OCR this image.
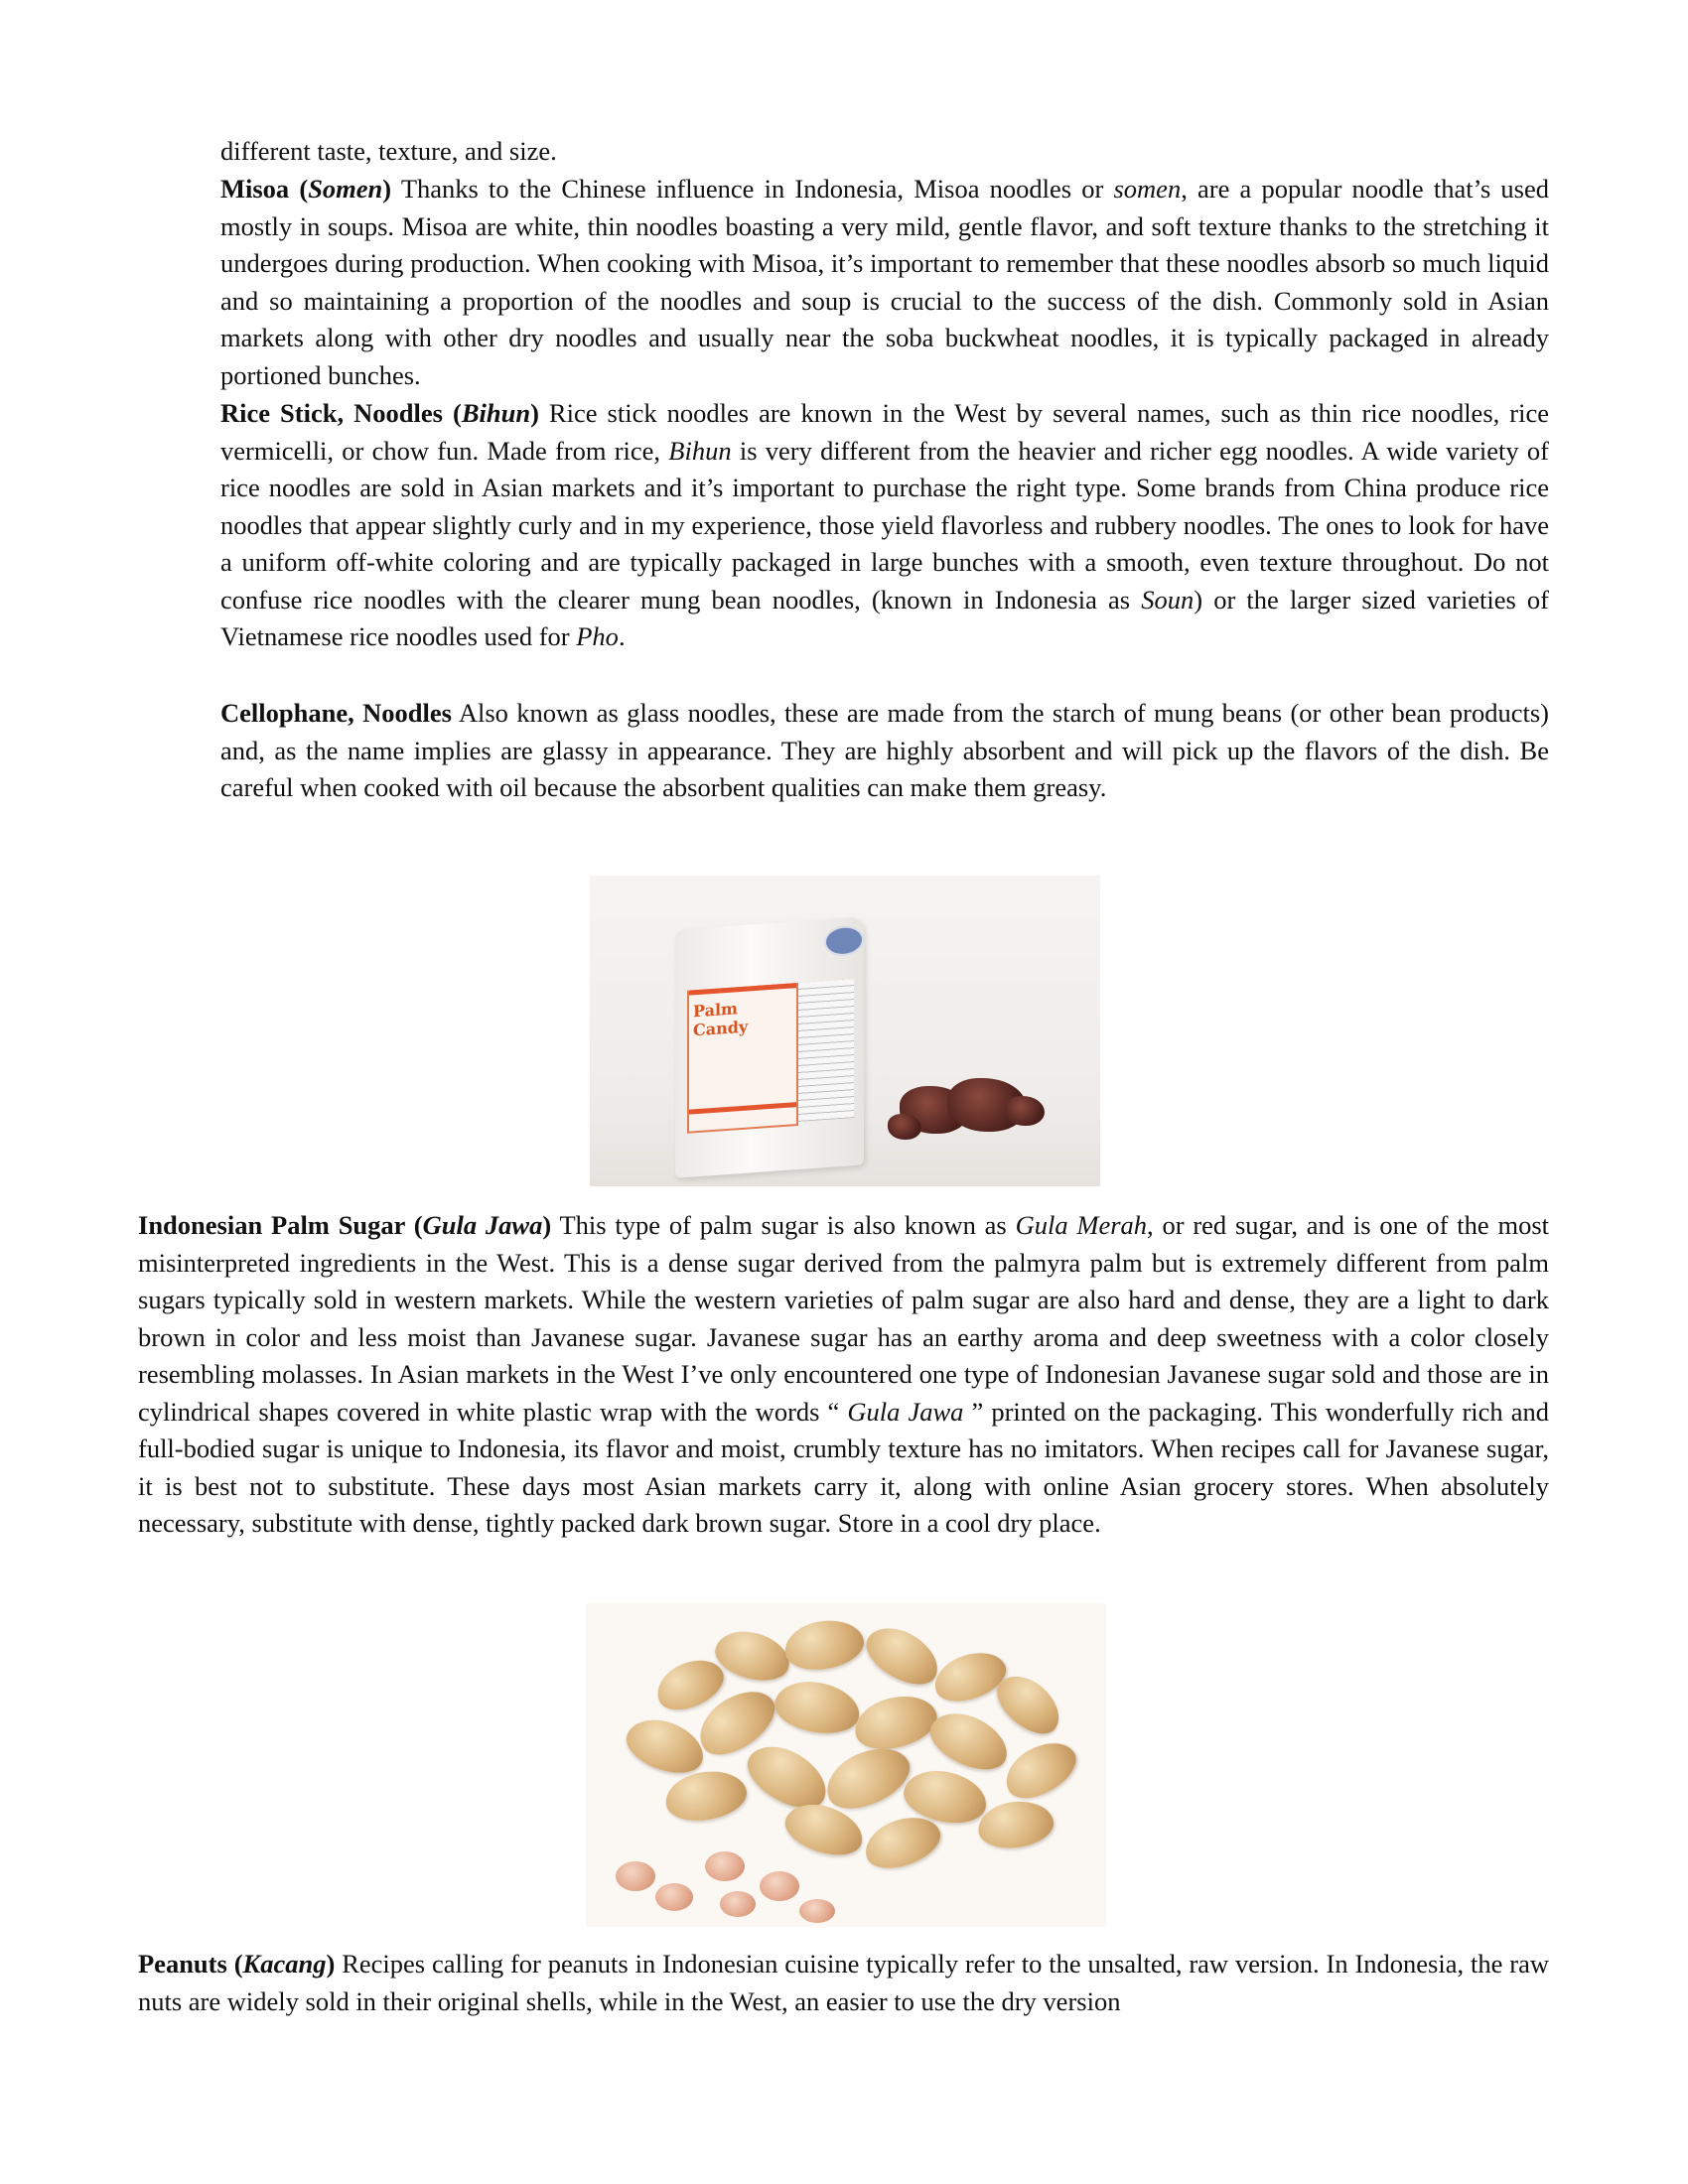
different taste, texture, and size.

Misoa (Somen) Thanks to the Chinese influence in Indonesia, Misoa noodles or somen, are a popular noodle that’s used mostly in soups. Misoa are white, thin noodles boasting a very mild, gentle flavor, and soft texture thanks to the stretching it undergoes during production. When cooking with Misoa, it’s important to remember that these noodles absorb so much liquid and so maintaining a proportion of the noodles and soup is crucial to the success of the dish. Commonly sold in Asian markets along with other dry noodles and usually near the soba buckwheat noodles, it is typically packaged in already portioned bunches.

Rice Stick, Noodles (Bihun) Rice stick noodles are known in the West by several names, such as thin rice noodles, rice vermicelli, or chow fun. Made from rice, Bihun is very different from the heavier and richer egg noodles. A wide variety of rice noodles are sold in Asian markets and it’s important to purchase the right type. Some brands from China produce rice noodles that appear slightly curly and in my experience, those yield flavorless and rubbery noodles. The ones to look for have a uniform off-white coloring and are typically packaged in large bunches with a smooth, even texture throughout. Do not confuse rice noodles with the clearer mung bean noodles, (known in Indonesia as Soun) or the larger sized varieties of Vietnamese rice noodles used for Pho.

Cellophane, Noodles Also known as glass noodles, these are made from the starch of mung beans (or other bean products) and, as the name implies are glassy in appearance. They are highly absorbent and will pick up the flavors of the dish. Be careful when cooked with oil because the absorbent qualities can make them greasy.

Palm Candy

Indonesian Palm Sugar (Gula Jawa) This type of palm sugar is also known as Gula Merah, or red sugar, and is one of the most misinterpreted ingredients in the West. This is a dense sugar derived from the palmyra palm but is extremely different from palm sugars typically sold in western markets. While the western varieties of palm sugar are also hard and dense, they are a light to dark brown in color and less moist than Javanese sugar. Javanese sugar has an earthy aroma and deep sweetness with a color closely resembling molasses. In Asian markets in the West I’ve only encountered one type of Indonesian Javanese sugar sold and those are in cylindrical shapes covered in white plastic wrap with the words “ Gula Jawa ” printed on the packaging. This wonderfully rich and full-bodied sugar is unique to Indonesia, its flavor and moist, crumbly texture has no imitators. When recipes call for Javanese sugar, it is best not to substitute. These days most Asian markets carry it, along with online Asian grocery stores. When absolutely necessary, substitute with dense, tightly packed dark brown sugar. Store in a cool dry place.

Peanuts (Kacang) Recipes calling for peanuts in Indonesian cuisine typically refer to the unsalted, raw version. In Indonesia, the raw nuts are widely sold in their original shells, while in the West, an easier to use the dry version
